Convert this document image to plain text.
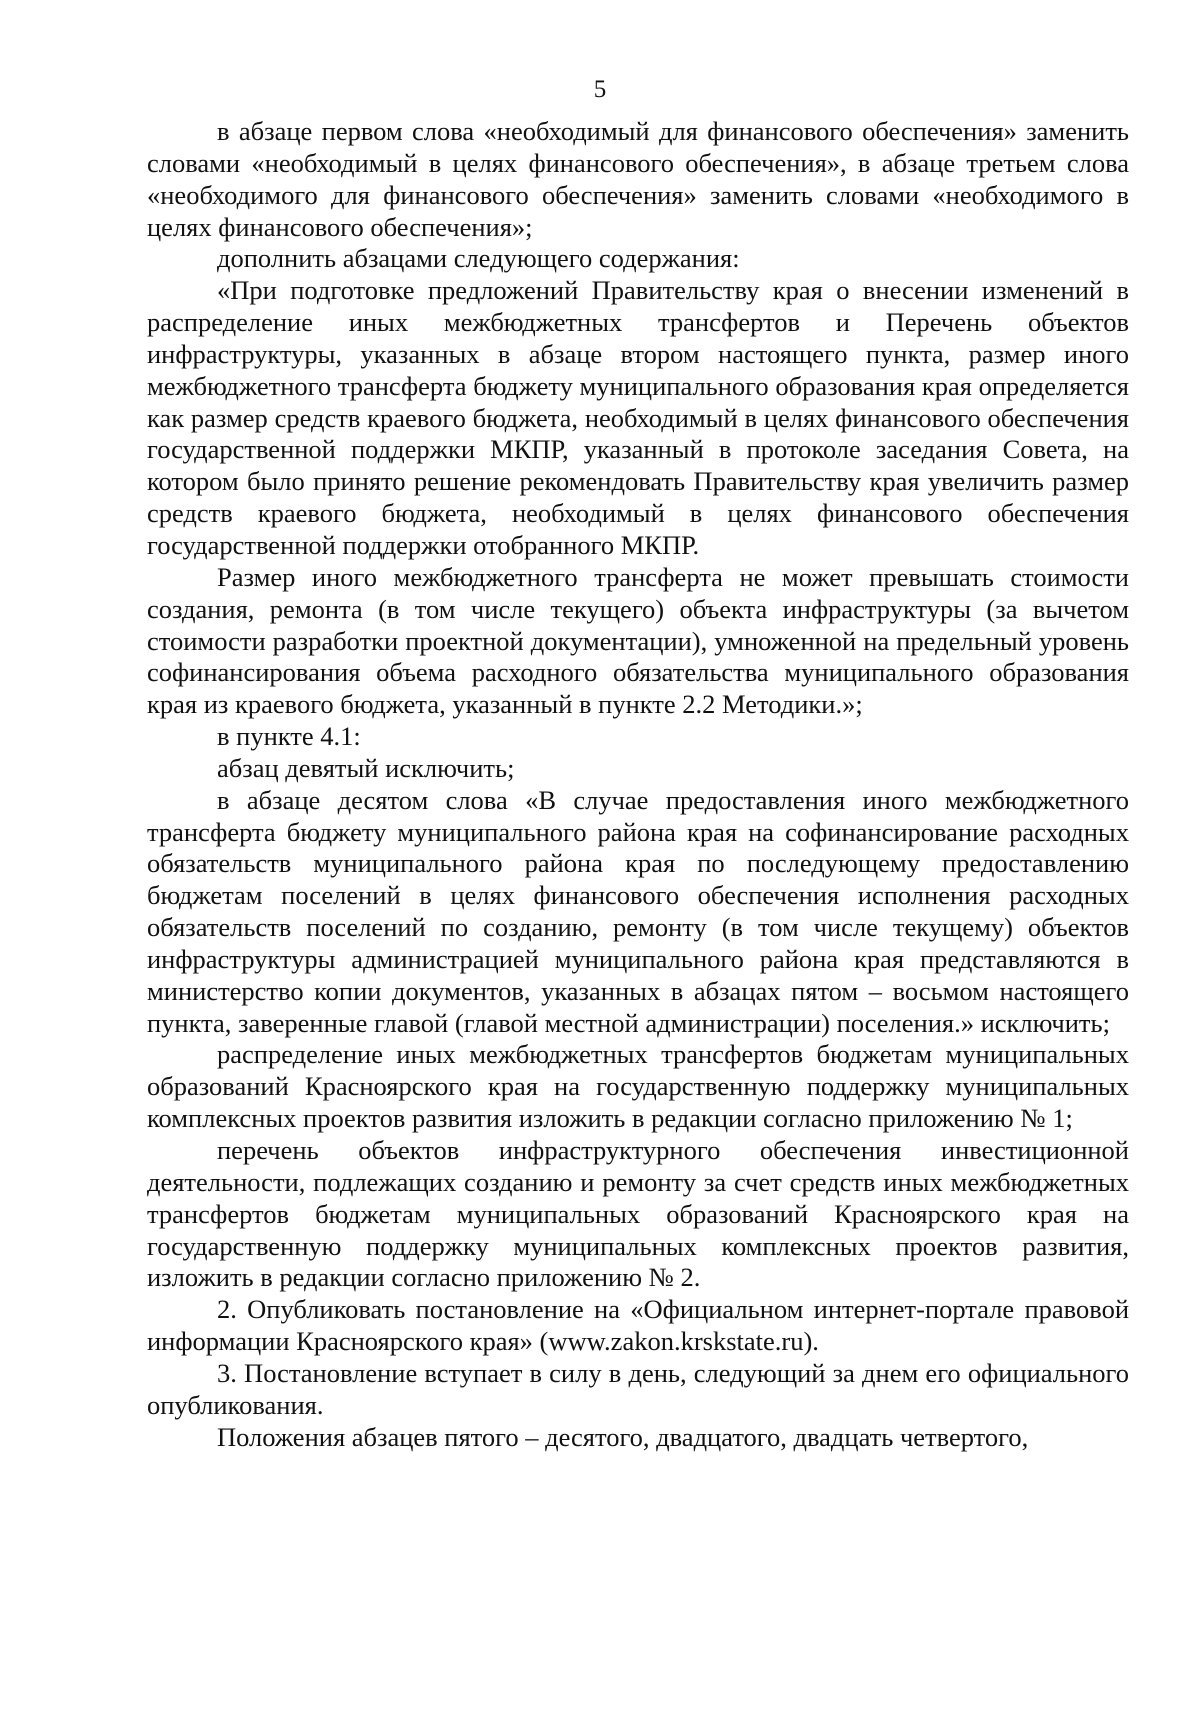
5

в абзаце первом слова «необходимый для финансового обеспечения» заменить словами «необходимый в целях финансового обеспечения», в абзаце третьем слова «необходимого для финансового обеспечения» заменить словами «необходимого в целях финансового обеспечения»;

дополнить абзацами следующего содержания:

«При подготовке предложений Правительству края о внесении изменений в распределение иных межбюджетных трансфертов и Перечень объектов инфраструктуры, указанных в абзаце втором настоящего пункта, размер иного межбюджетного трансферта бюджету муниципального образования края определяется как размер средств краевого бюджета, необходимый в целях финансового обеспечения государственной поддержки МКПР, указанный в протоколе заседания Совета, на котором было принято решение рекомендовать Правительству края увеличить размер средств краевого бюджета, необходимый в целях финансового обеспечения государственной поддержки отобранного МКПР.

Размер иного межбюджетного трансферта не может превышать стоимости создания, ремонта (в том числе текущего) объекта инфраструктуры (за вычетом стоимости разработки проектной документации), умноженной на предельный уровень софинансирования объема расходного обязательства муниципального образования края из краевого бюджета, указанный в пункте 2.2 Методики.»;

в пункте 4.1:

абзац девятый исключить;

в абзаце десятом слова «В случае предоставления иного межбюджетного трансферта бюджету муниципального района края на софинансирование расходных обязательств муниципального района края по последующему предоставлению бюджетам поселений в целях финансового обеспечения исполнения расходных обязательств поселений по созданию, ремонту (в том числе текущему) объектов инфраструктуры администрацией муниципального района края представляются в министерство копии документов, указанных в абзацах пятом – восьмом настоящего пункта, заверенные главой (главой местной администрации) поселения.» исключить;

распределение иных межбюджетных трансфертов бюджетам муниципальных образований Красноярского края на государственную поддержку муниципальных комплексных проектов развития изложить в редакции согласно приложению № 1;

перечень объектов инфраструктурного обеспечения инвестиционной деятельности, подлежащих созданию и ремонту за счет средств иных межбюджетных трансфертов бюджетам муниципальных образований Красноярского края на государственную поддержку муниципальных комплексных проектов развития, изложить в редакции согласно приложению № 2.

2. Опубликовать постановление на «Официальном интернет-портале правовой информации Красноярского края» (www.zakon.krskstate.ru).

3. Постановление вступает в силу в день, следующий за днем его официального опубликования.

Положения абзацев пятого – десятого, двадцатого, двадцать четвертого,
